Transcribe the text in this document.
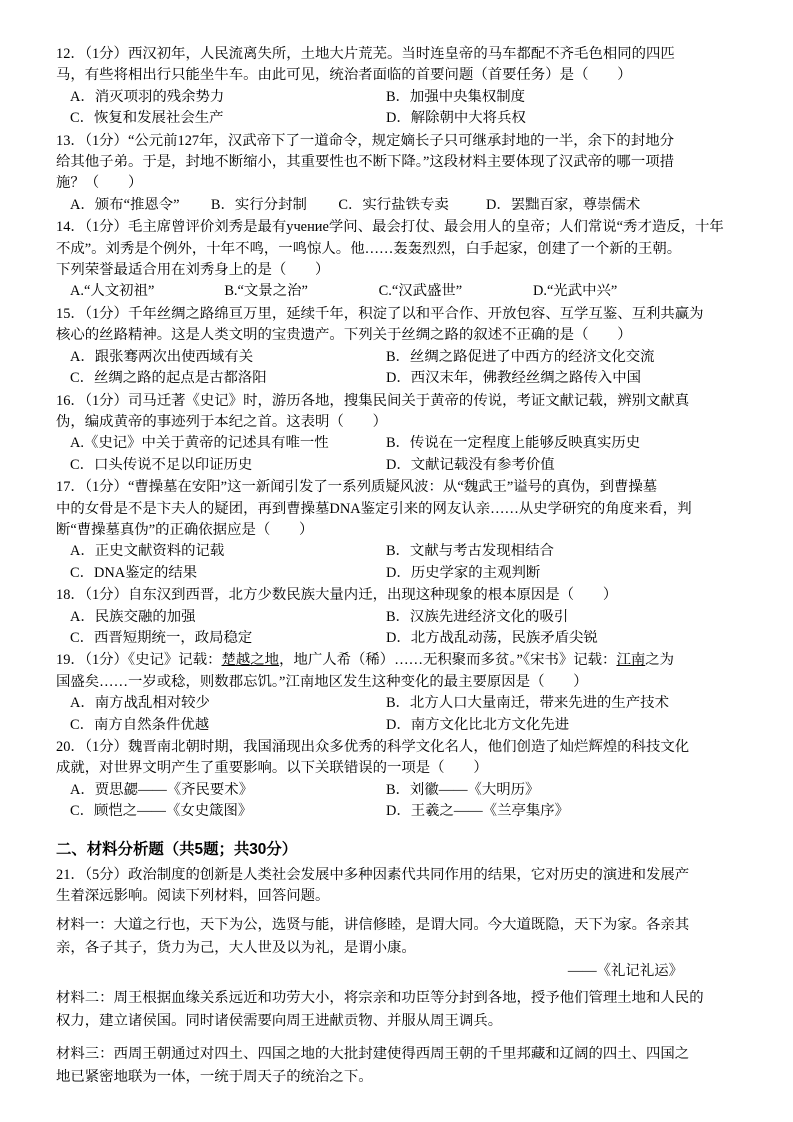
12．（1分）西汉初年，人民流离失所，土地大片荒芜。当时连皇帝的马车都配不齐毛色相同的四匹
马，有些将相出行只能坐牛车。由此可见，统治者面临的首要问题（首要任务）是（　　）
A．消灭项羽的残余势力	B．加强中央集权制度
C．恢复和发展社会生产	D．解除朝中大将兵权
13．（1分）“公元前127年，汉武帝下了一道命令，规定嫡长子只可继承封地的一半，余下的封地分
给其他子弟。于是，封地不断缩小，其重要性也不断下降。”这段材料主要体现了汉武帝的哪一项措
施？（　　）
A．颁布“推恩令”	B．实行分封制	C．实行盐铁专卖	D．罢黜百家，尊崇儒术
14．（1分）毛主席曾评价刘秀是最有учение学问、最会打仗、最会用人的皇帝；人们常说“秀才造反，十年
不成”。刘秀是个例外，十年不鸣，一鸣惊人。他……轰轰烈烈，白手起家，创建了一个新的王朝。
下列荣誉最适合用在刘秀身上的是（　　）
A.“人文初祖”	B.“文景之治”	C.“汉武盛世”	D.“光武中兴”
15．（1分）千年丝绸之路绵亘万里，延续千年，积淀了以和平合作、开放包容、互学互鉴、互利共赢为
核心的丝路精神。这是人类文明的宝贵遗产。下列关于丝绸之路的叙述不正确的是（　　）
A．跟张骞两次出使西域有关	B．丝绸之路促进了中西方的经济文化交流
C．丝绸之路的起点是古都洛阳	D．西汉末年，佛教经丝绸之路传入中国
16．（1分）司马迁著《史记》时，游历各地，搜集民间关于黄帝的传说，考证文献记载，辨别文献真
伪，编成黄帝的事迹列于本纪之首。这表明（　　）
A.《史记》中关于黄帝的记述具有唯一性	B．传说在一定程度上能够反映真实历史
C．口头传说不足以印证历史	D．文献记载没有参考价值
17．（1分）“曹操墓在安阳”这一新闻引发了一系列质疑风波：从“魏武王”谥号的真伪，到曹操墓
中的女骨是不是卞夫人的疑团，再到曹操墓DNA鉴定引来的网友认亲……从史学研究的角度来看，判
断“曹操墓真伪”的正确依据应是（　　）
A．正史文献资料的记载	B．文献与考古发现相结合
C．DNA鉴定的结果	D．历史学家的主观判断
18．（1分）自东汉到西晋，北方少数民族大量内迁，出现这种现象的根本原因是（　　）
A．民族交融的加强	B．汉族先进经济文化的吸引
C．西晋短期统一，政局稳定	D．北方战乱动荡，民族矛盾尖锐
19．（1分）《史记》记载：楚越之地，地广人希（稀）……无积聚而多贫。”《宋书》记载：江南之为
国盛矣……一岁或稔，则数郡忘饥。”江南地区发生这种变化的最主要原因是（　　）
A．南方战乱相对较少	B．北方人口大量南迁，带来先进的生产技术
C．南方自然条件优越	D．南方文化比北方文化先进
20．（1分）魏晋南北朝时期，我国涌现出众多优秀的科学文化名人，他们创造了灿烂辉煌的科技文化
成就，对世界文明产生了重要影响。以下关联错误的一项是（　　）
A．贾思勰——《齐民要术》	B．刘徽——《大明历》
C．顾恺之——《女史箴图》	D．王羲之——《兰亭集序》
二、材料分析题（共5题；共30分）
21．（5分）政治制度的创新是人类社会发展中多种因素代共同作用的结果，它对历史的演进和发展产
生着深远影响。阅读下列材料，回答问题。
材料一：大道之行也，天下为公，选贤与能，讲信修睦，是谓大同。今大道既隐，天下为家。各亲其
亲，各子其子，货力为己，大人世及以为礼，是谓小康。
——《礼记礼运》
材料二：周王根据血缘关系远近和功劳大小，将宗亲和功臣等分封到各地，授予他们管理土地和人民的
权力，建立诸侯国。同时诸侯需要向周王进献贡物、并服从周王调兵。
材料三：西周王朝通过对四土、四国之地的大批封建使得西周王朝的千里邦藏和辽阔的四土、四国之
地已紧密地联为一体，一统于周天子的统治之下。
